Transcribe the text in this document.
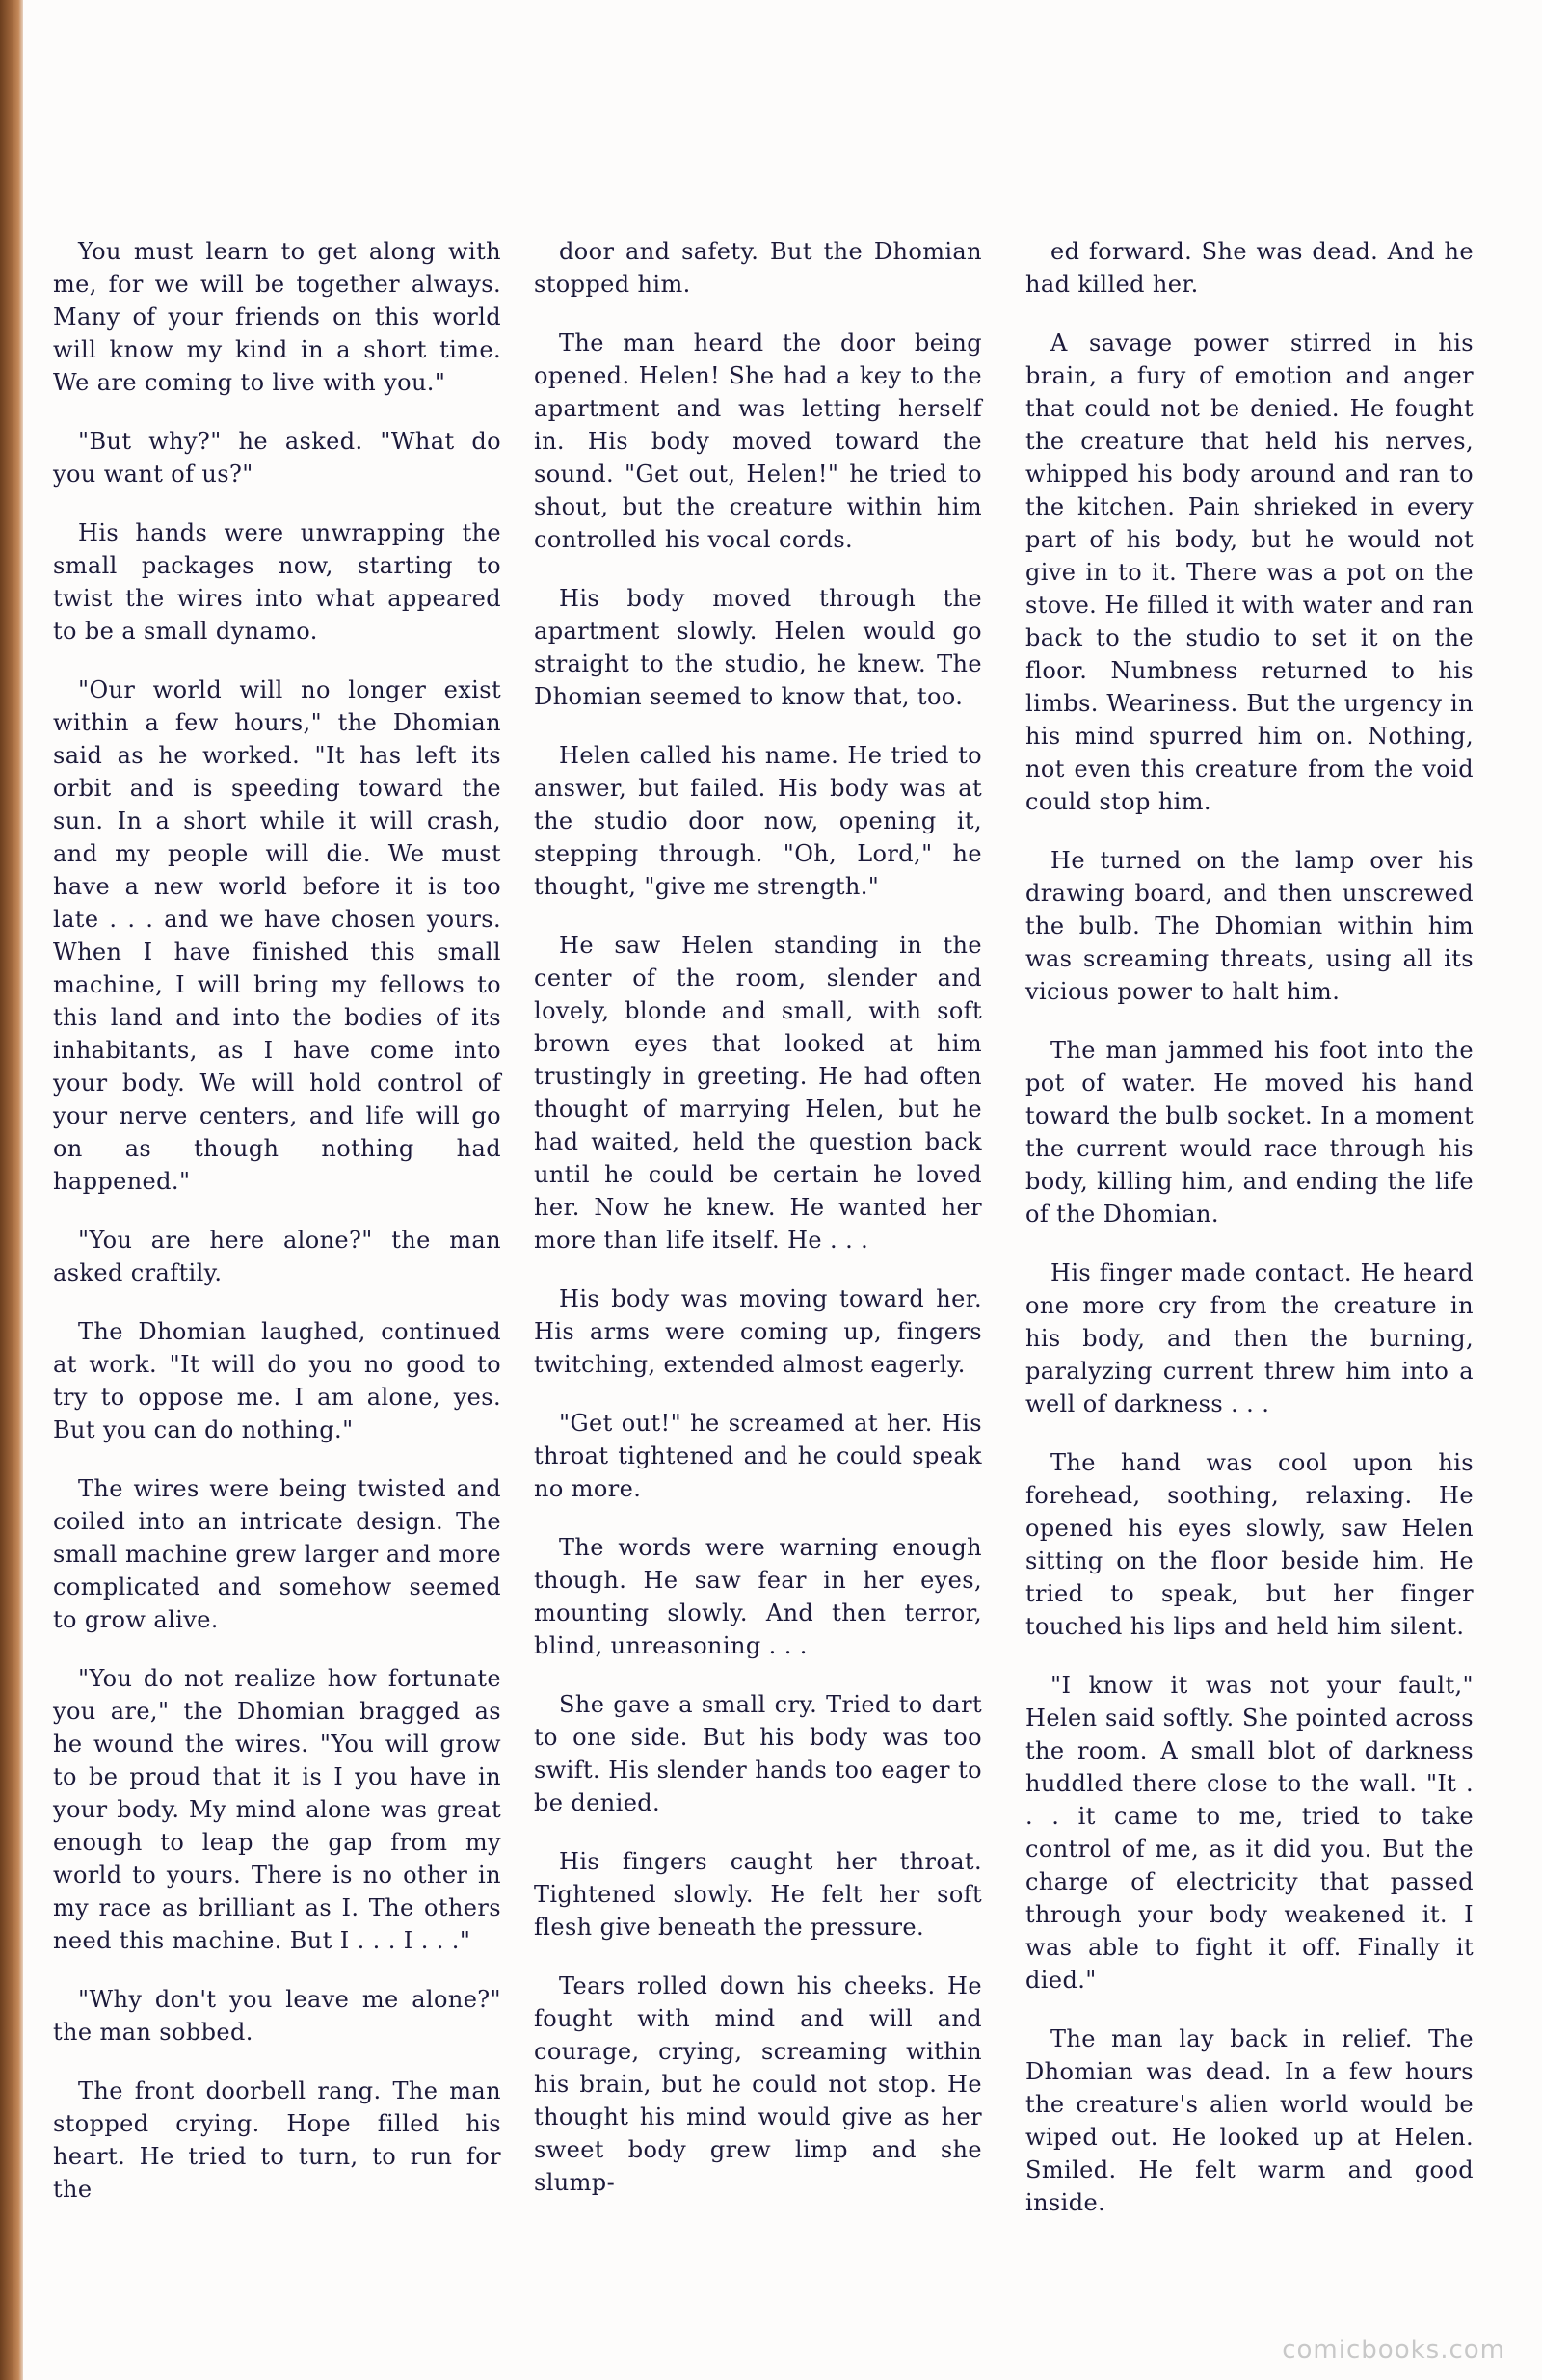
You must learn to get along with me, for we will be together always. Many of your friends on this world will know my kind in a short time. We are coming to live with you."

"But why?" he asked. "What do you want of us?"

His hands were unwrapping the small packages now, starting to twist the wires into what appeared to be a small dynamo.

"Our world will no longer exist within a few hours," the Dhomian said as he worked. "It has left its orbit and is speeding toward the sun. In a short while it will crash, and my people will die. We must have a new world before it is too late . . . and we have chosen yours. When I have finished this small machine, I will bring my fellows to this land and into the bodies of its inhabitants, as I have come into your body. We will hold control of your nerve centers, and life will go on as though nothing had happened."

"You are here alone?" the man asked craftily.

The Dhomian laughed, continued at work. "It will do you no good to try to oppose me. I am alone, yes. But you can do nothing."

The wires were being twisted and coiled into an intricate design. The small machine grew larger and more complicated and somehow seemed to grow alive.

"You do not realize how fortunate you are," the Dhomian bragged as he wound the wires. "You will grow to be proud that it is I you have in your body. My mind alone was great enough to leap the gap from my world to yours. There is no other in my race as brilliant as I. The others need this machine. But I . . . I . . ."

"Why don't you leave me alone?" the man sobbed.

The front doorbell rang. The man stopped crying. Hope filled his heart. He tried to turn, to run for the

door and safety. But the Dhomian stopped him.

The man heard the door being opened. Helen! She had a key to the apartment and was letting herself in. His body moved toward the sound. "Get out, Helen!" he tried to shout, but the creature within him controlled his vocal cords.

His body moved through the apartment slowly. Helen would go straight to the studio, he knew. The Dhomian seemed to know that, too.

Helen called his name. He tried to answer, but failed. His body was at the studio door now, opening it, stepping through. "Oh, Lord," he thought, "give me strength."

He saw Helen standing in the center of the room, slender and lovely, blonde and small, with soft brown eyes that looked at him trustingly in greeting. He had often thought of marrying Helen, but he had waited, held the question back until he could be certain he loved her. Now he knew. He wanted her more than life itself. He . . .

His body was moving toward her. His arms were coming up, fingers twitching, extended almost eagerly.

"Get out!" he screamed at her. His throat tightened and he could speak no more.

The words were warning enough though. He saw fear in her eyes, mounting slowly. And then terror, blind, unreasoning . . .

She gave a small cry. Tried to dart to one side. But his body was too swift. His slender hands too eager to be denied.

His fingers caught her throat. Tightened slowly. He felt her soft flesh give beneath the pressure.

Tears rolled down his cheeks. He fought with mind and will and courage, crying, screaming within his brain, but he could not stop. He thought his mind would give as her sweet body grew limp and she slump-

ed forward. She was dead. And he had killed her.

A savage power stirred in his brain, a fury of emotion and anger that could not be denied. He fought the creature that held his nerves, whipped his body around and ran to the kitchen. Pain shrieked in every part of his body, but he would not give in to it. There was a pot on the stove. He filled it with water and ran back to the studio to set it on the floor. Numbness returned to his limbs. Weariness. But the urgency in his mind spurred him on. Nothing, not even this creature from the void could stop him.

He turned on the lamp over his drawing board, and then unscrewed the bulb. The Dhomian within him was screaming threats, using all its vicious power to halt him.

The man jammed his foot into the pot of water. He moved his hand toward the bulb socket. In a moment the current would race through his body, killing him, and ending the life of the Dhomian.

His finger made contact. He heard one more cry from the creature in his body, and then the burning, paralyzing current threw him into a well of darkness . . .

The hand was cool upon his forehead, soothing, relaxing. He opened his eyes slowly, saw Helen sitting on the floor beside him. He tried to speak, but her finger touched his lips and held him silent.

"I know it was not your fault," Helen said softly. She pointed across the room. A small blot of darkness huddled there close to the wall. "It . . . it came to me, tried to take control of me, as it did you. But the charge of electricity that passed through your body weakened it. I was able to fight it off. Finally it died."

The man lay back in relief. The Dhomian was dead. In a few hours the creature's alien world would be wiped out. He looked up at Helen. Smiled. He felt warm and good inside.

comicbooks.com
